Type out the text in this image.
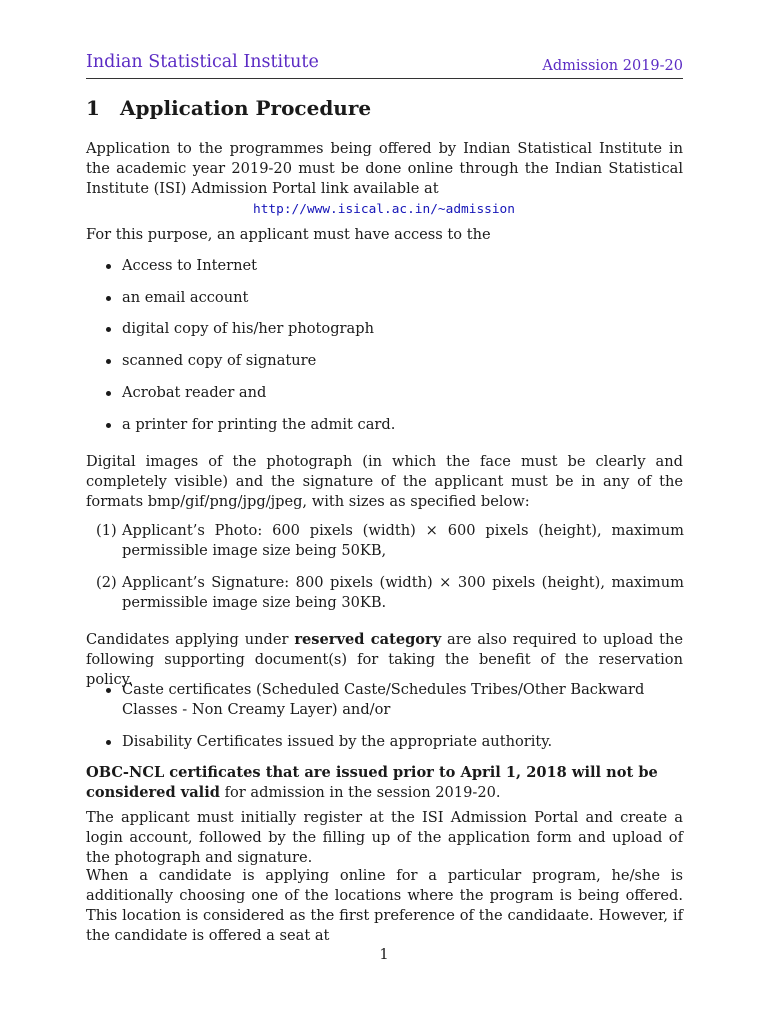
Indian Statistical Institute	Admission 2019-20
1 Application Procedure

Application to the programmes being offered by Indian Statistical Institute in the academic year 2019-20 must be done online through the Indian Statistical Institute (ISI) Admission Portal link available at

http://www.isical.ac.in/~admission

For this purpose, an applicant must have access to the

Access to Internet
an email account
digital copy of his/her photograph
scanned copy of signature
Acrobat reader and
a printer for printing the admit card.

Digital images of the photograph (in which the face must be clearly and completely visible) and the signature of the applicant must be in any of the formats bmp/gif/png/jpg/jpeg, with sizes as specified below:

(1) Applicant’s Photo: 600 pixels (width) × 600 pixels (height), maximum permissible image size being 50KB,
(2) Applicant’s Signature: 800 pixels (width) × 300 pixels (height), maximum permissible image size being 30KB.

Candidates applying under reserved category are also required to upload the following supporting document(s) for taking the benefit of the reservation policy.

Caste certificates (Scheduled Caste/Schedules Tribes/Other Backward Classes - Non Creamy Layer) and/or
Disability Certificates issued by the appropriate authority.

OBC-NCL certificates that are issued prior to April 1, 2018 will not be considered valid for admission in the session 2019-20.

The applicant must initially register at the ISI Admission Portal and create a login account, followed by the filling up of the application form and upload of the photograph and signature.

When a candidate is applying online for a particular program, he/she is additionally choosing one of the locations where the program is being offered. This location is considered as the first preference of the candidaate. However, if the candidate is offered a seat at

1
